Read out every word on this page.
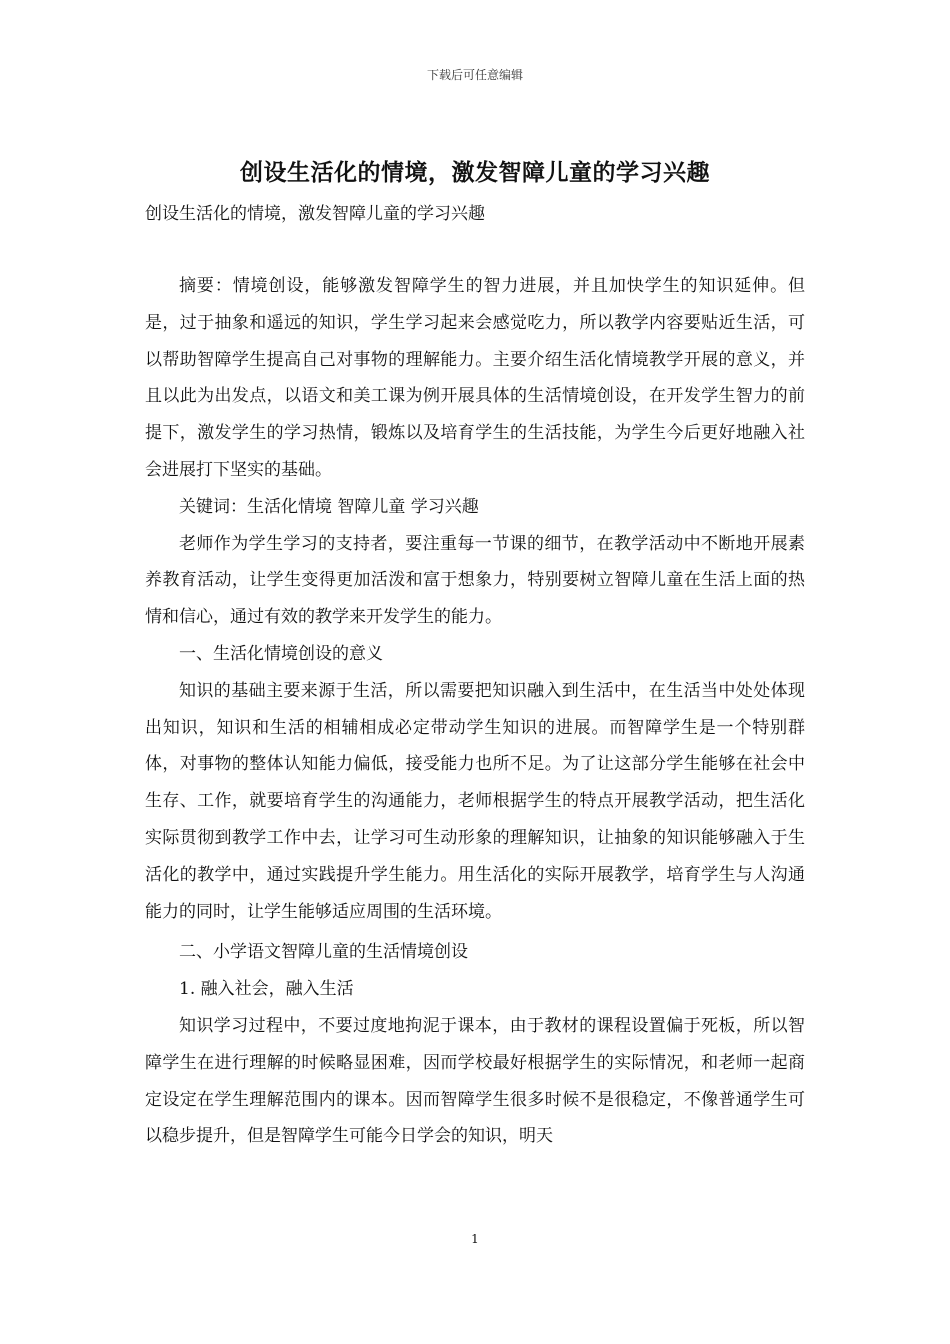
下载后可任意编辑
创设生活化的情境，激发智障儿童的学习兴趣
创设生活化的情境，激发智障儿童的学习兴趣

摘要：情境创设，能够激发智障学生的智力进展，并且加快学生的知识延伸。但是，过于抽象和遥远的知识，学生学习起来会感觉吃力，所以教学内容要贴近生活，可以帮助智障学生提高自己对事物的理解能力。主要介绍生活化情境教学开展的意义，并且以此为出发点，以语文和美工课为例开展具体的生活情境创设，在开发学生智力的前提下，激发学生的学习热情，锻炼以及培育学生的生活技能，为学生今后更好地融入社会进展打下坚实的基础。

关键词：生活化情境 智障儿童 学习兴趣

老师作为学生学习的支持者，要注重每一节课的细节，在教学活动中不断地开展素养教育活动，让学生变得更加活泼和富于想象力，特别要树立智障儿童在生活上面的热情和信心，通过有效的教学来开发学生的能力。

一、生活化情境创设的意义

知识的基础主要来源于生活，所以需要把知识融入到生活中，在生活当中处处体现出知识，知识和生活的相辅相成必定带动学生知识的进展。而智障学生是一个特别群体，对事物的整体认知能力偏低，接受能力也所不足。为了让这部分学生能够在社会中生存、工作，就要培育学生的沟通能力，老师根据学生的特点开展教学活动，把生活化实际贯彻到教学工作中去，让学习可生动形象的理解知识，让抽象的知识能够融入于生活化的教学中，通过实践提升学生能力。用生活化的实际开展教学，培育学生与人沟通能力的同时，让学生能够适应周围的生活环境。

二、小学语文智障儿童的生活情境创设

1. 融入社会，融入生活

知识学习过程中，不要过度地拘泥于课本，由于教材的课程设置偏于死板，所以智障学生在进行理解的时候略显困难，因而学校最好根据学生的实际情况，和老师一起商定设定在学生理解范围内的课本。因而智障学生很多时候不是很稳定，不像普通学生可以稳步提升，但是智障学生可能今日学会的知识，明天

1
